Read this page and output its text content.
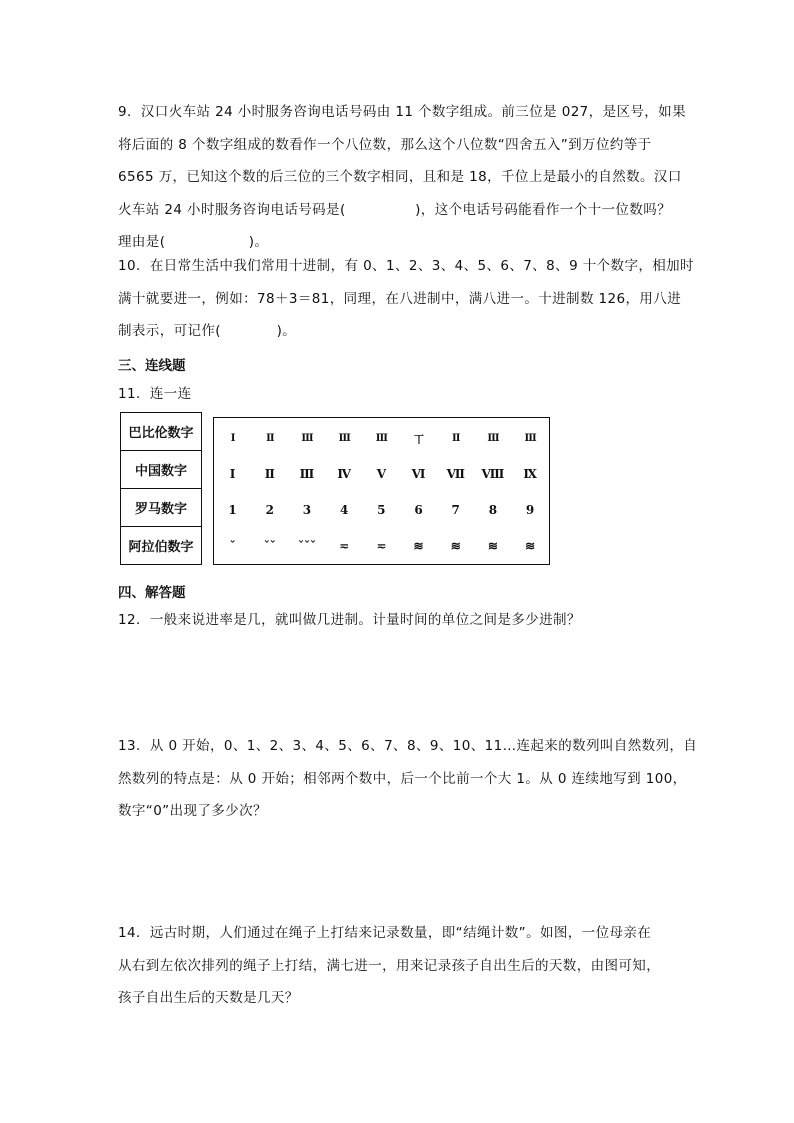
9．汉口火车站 24 小时服务咨询电话号码由 11 个数字组成。前三位是 027，是区号，如果
将后面的 8 个数字组成的数看作一个八位数，那么这个八位数“四舍五入”到万位约等于
6565 万，已知这个数的后三位的三个数字相同，且和是 18，千位上是最小的自然数。汉口
火车站 24 小时服务咨询电话号码是(　　　　　)，这个电话号码能看作一个十一位数吗？
理由是(　　　　　　)。
10．在日常生活中我们常用十进制，有 0、1、2、3、4、5、6、7、8、9 十个数字，相加时
满十就要进一，例如：78＋3＝81，同理，在八进制中，满八进一。十进制数 126，用八进
制表示，可记作(　　　　)。
三、连线题
11．连一连
巴比伦数字
中国数字
罗马数字
阿拉伯数字
Ⅰ	Ⅱ	Ⅲ	Ⅲ	Ⅲ	丅	Ⅱ	Ⅲ	Ⅲ
Ⅰ	Ⅱ	Ⅲ	Ⅳ	Ⅴ	Ⅵ	Ⅶ	Ⅷ	Ⅸ
1	2	3	4	5	6	7	8	9
ˇ	ˇˇ	ˇˇˇ	≂	≂	≋	≋	≋	≋
四、解答题
12．一般来说进率是几，就叫做几进制。计量时间的单位之间是多少进制？
13．从 0 开始，0、1、2、3、4、5、6、7、8、9、10、11…连起来的数列叫自然数列，自
然数列的特点是：从 0 开始；相邻两个数中，后一个比前一个大 1。从 0 连续地写到 100，
数字“0”出现了多少次？
14．远古时期，人们通过在绳子上打结来记录数量，即“结绳计数”。如图，一位母亲在
从右到左依次排列的绳子上打结，满七进一，用来记录孩子自出生后的天数，由图可知，
孩子自出生后的天数是几天？
